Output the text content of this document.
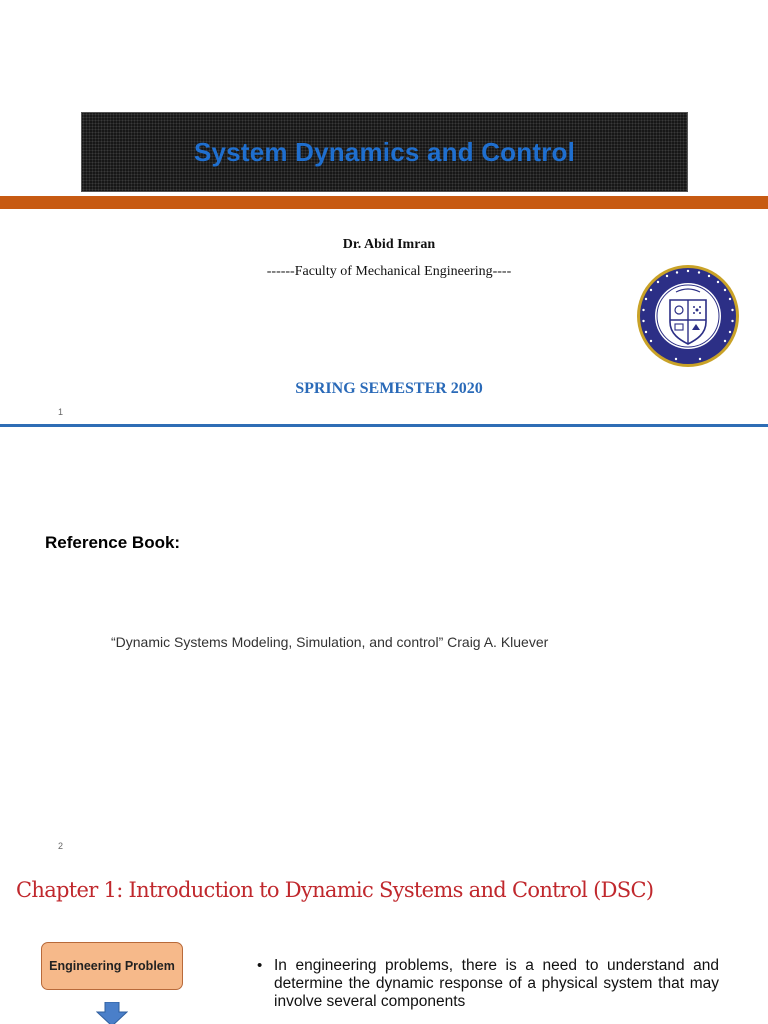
System Dynamics and Control
Dr. Abid Imran
------Faculty of Mechanical Engineering----
SPRING SEMESTER 2020
1
Reference Book:
“Dynamic Systems Modeling, Simulation, and control” Craig A. Kluever
2
Chapter 1: Introduction to Dynamic Systems and Control (DSC)
Engineering Problem	• In engineering problems, there is a need to understand and determine the dynamic response of a physical system that may involve several components
